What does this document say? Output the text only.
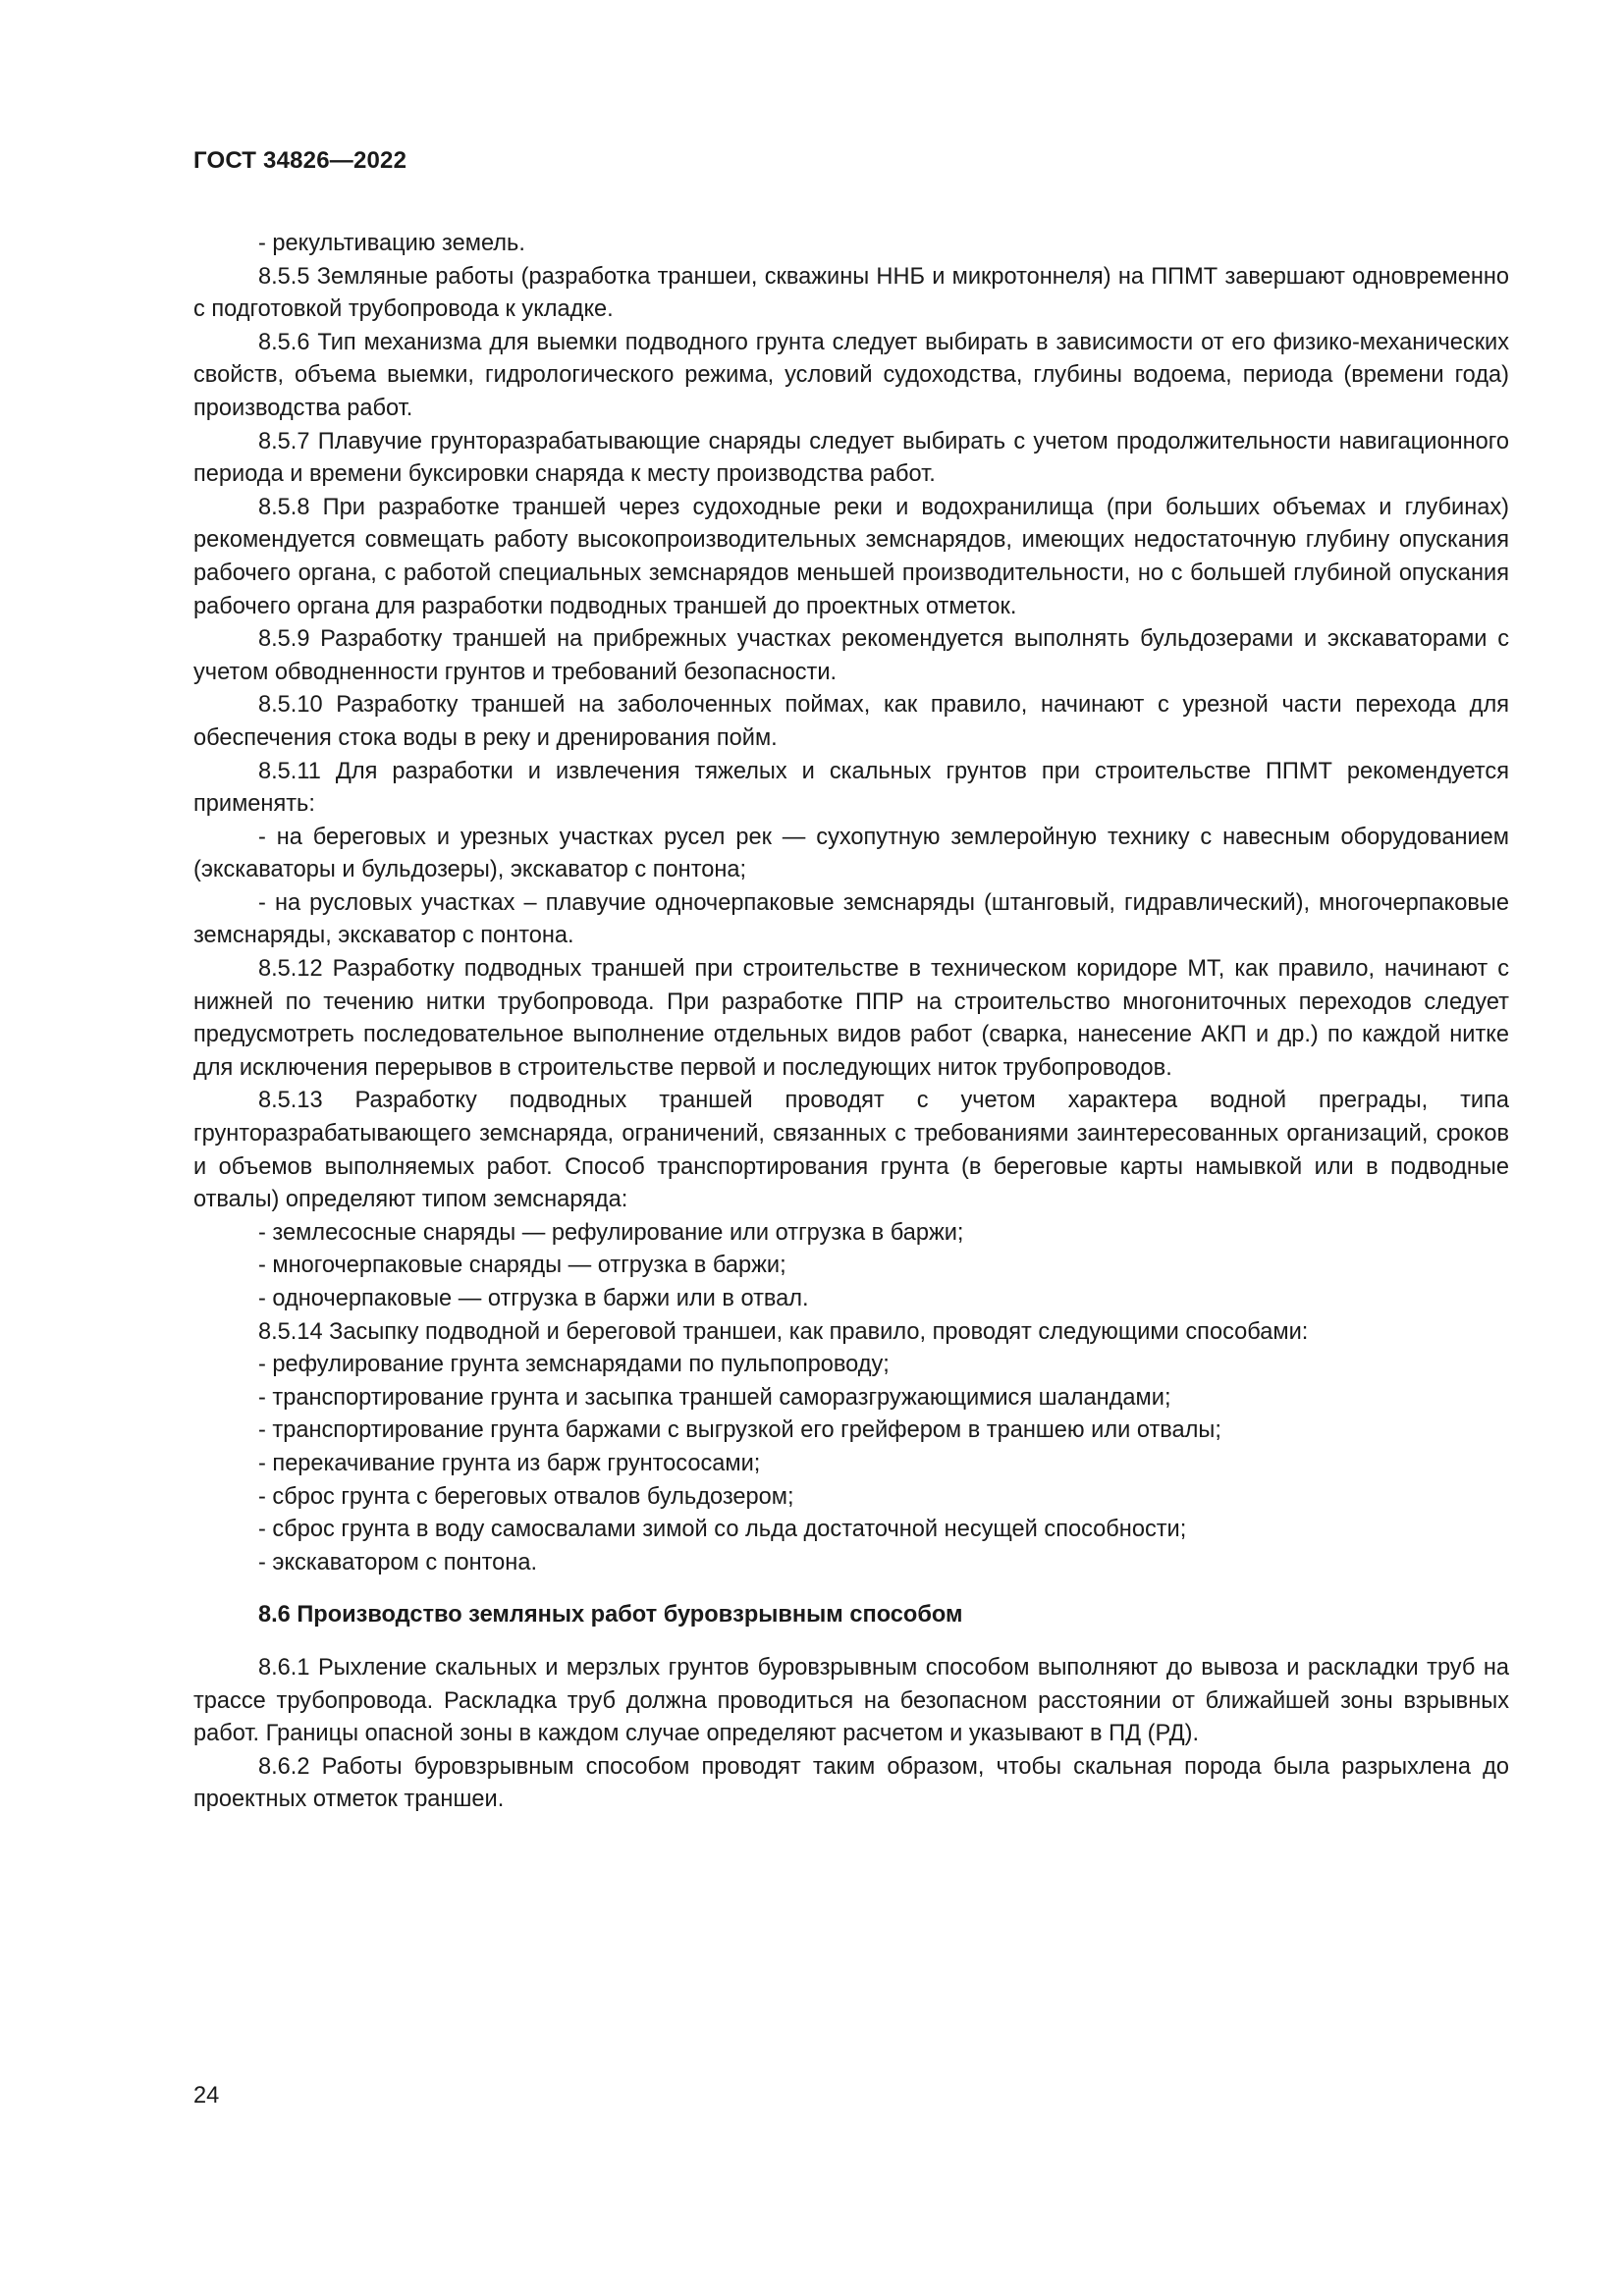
ГОСТ 34826—2022

- рекультивацию земель.

8.5.5 Земляные работы (разработка траншеи, скважины ННБ и микротоннеля) на ППМТ завершают одновременно с подготовкой трубопровода к укладке.

8.5.6 Тип механизма для выемки подводного грунта следует выбирать в зависимости от его физико-механических свойств, объема выемки, гидрологического режима, условий судоходства, глубины водоема, периода (времени года) производства работ.

8.5.7 Плавучие грунторазрабатывающие снаряды следует выбирать с учетом продолжительности навигационного периода и времени буксировки снаряда к месту производства работ.

8.5.8 При разработке траншей через судоходные реки и водохранилища (при больших объемах и глубинах) рекомендуется совмещать работу высокопроизводительных земснарядов, имеющих недостаточную глубину опускания рабочего органа, с работой специальных земснарядов меньшей производительности, но с большей глубиной опускания рабочего органа для разработки подводных траншей до проектных отметок.

8.5.9 Разработку траншей на прибрежных участках рекомендуется выполнять бульдозерами и экскаваторами с учетом обводненности грунтов и требований безопасности.

8.5.10 Разработку траншей на заболоченных поймах, как правило, начинают с урезной части перехода для обеспечения стока воды в реку и дренирования пойм.

8.5.11 Для разработки и извлечения тяжелых и скальных грунтов при строительстве ППМТ рекомендуется применять:

- на береговых и урезных участках русел рек — сухопутную землеройную технику с навесным оборудованием (экскаваторы и бульдозеры), экскаватор с понтона;

- на русловых участках – плавучие одночерпаковые земснаряды (штанговый, гидравлический), многочерпаковые земснаряды, экскаватор с понтона.

8.5.12 Разработку подводных траншей при строительстве в техническом коридоре МТ, как правило, начинают с нижней по течению нитки трубопровода. При разработке ППР на строительство многониточных переходов следует предусмотреть последовательное выполнение отдельных видов работ (сварка, нанесение АКП и др.) по каждой нитке для исключения перерывов в строительстве первой и последующих ниток трубопроводов.

8.5.13 Разработку подводных траншей проводят с учетом характера водной преграды, типа грунторазрабатывающего земснаряда, ограничений, связанных с требованиями заинтересованных организаций, сроков и объемов выполняемых работ. Способ транспортирования грунта (в береговые карты намывкой или в подводные отвалы) определяют типом земснаряда:

- землесосные снаряды — рефулирование или отгрузка в баржи;

- многочерпаковые снаряды — отгрузка в баржи;

- одночерпаковые — отгрузка в баржи или в отвал.

8.5.14 Засыпку подводной и береговой траншеи, как правило, проводят следующими способами:

- рефулирование грунта земснарядами по пульпопроводу;

- транспортирование грунта и засыпка траншей саморазгружающимися шаландами;

- транспортирование грунта баржами с выгрузкой его грейфером в траншею или отвалы;

- перекачивание грунта из барж грунтососами;

- сброс грунта с береговых отвалов бульдозером;

- сброс грунта в воду самосвалами зимой со льда достаточной несущей способности;

- экскаватором с понтона.

8.6 Производство земляных работ буровзрывным способом

8.6.1 Рыхление скальных и мерзлых грунтов буровзрывным способом выполняют до вывоза и раскладки труб на трассе трубопровода. Раскладка труб должна проводиться на безопасном расстоянии от ближайшей зоны взрывных работ. Границы опасной зоны в каждом случае определяют расчетом и указывают в ПД (РД).

8.6.2 Работы буровзрывным способом проводят таким образом, чтобы скальная порода была разрыхлена до проектных отметок траншеи.

24
